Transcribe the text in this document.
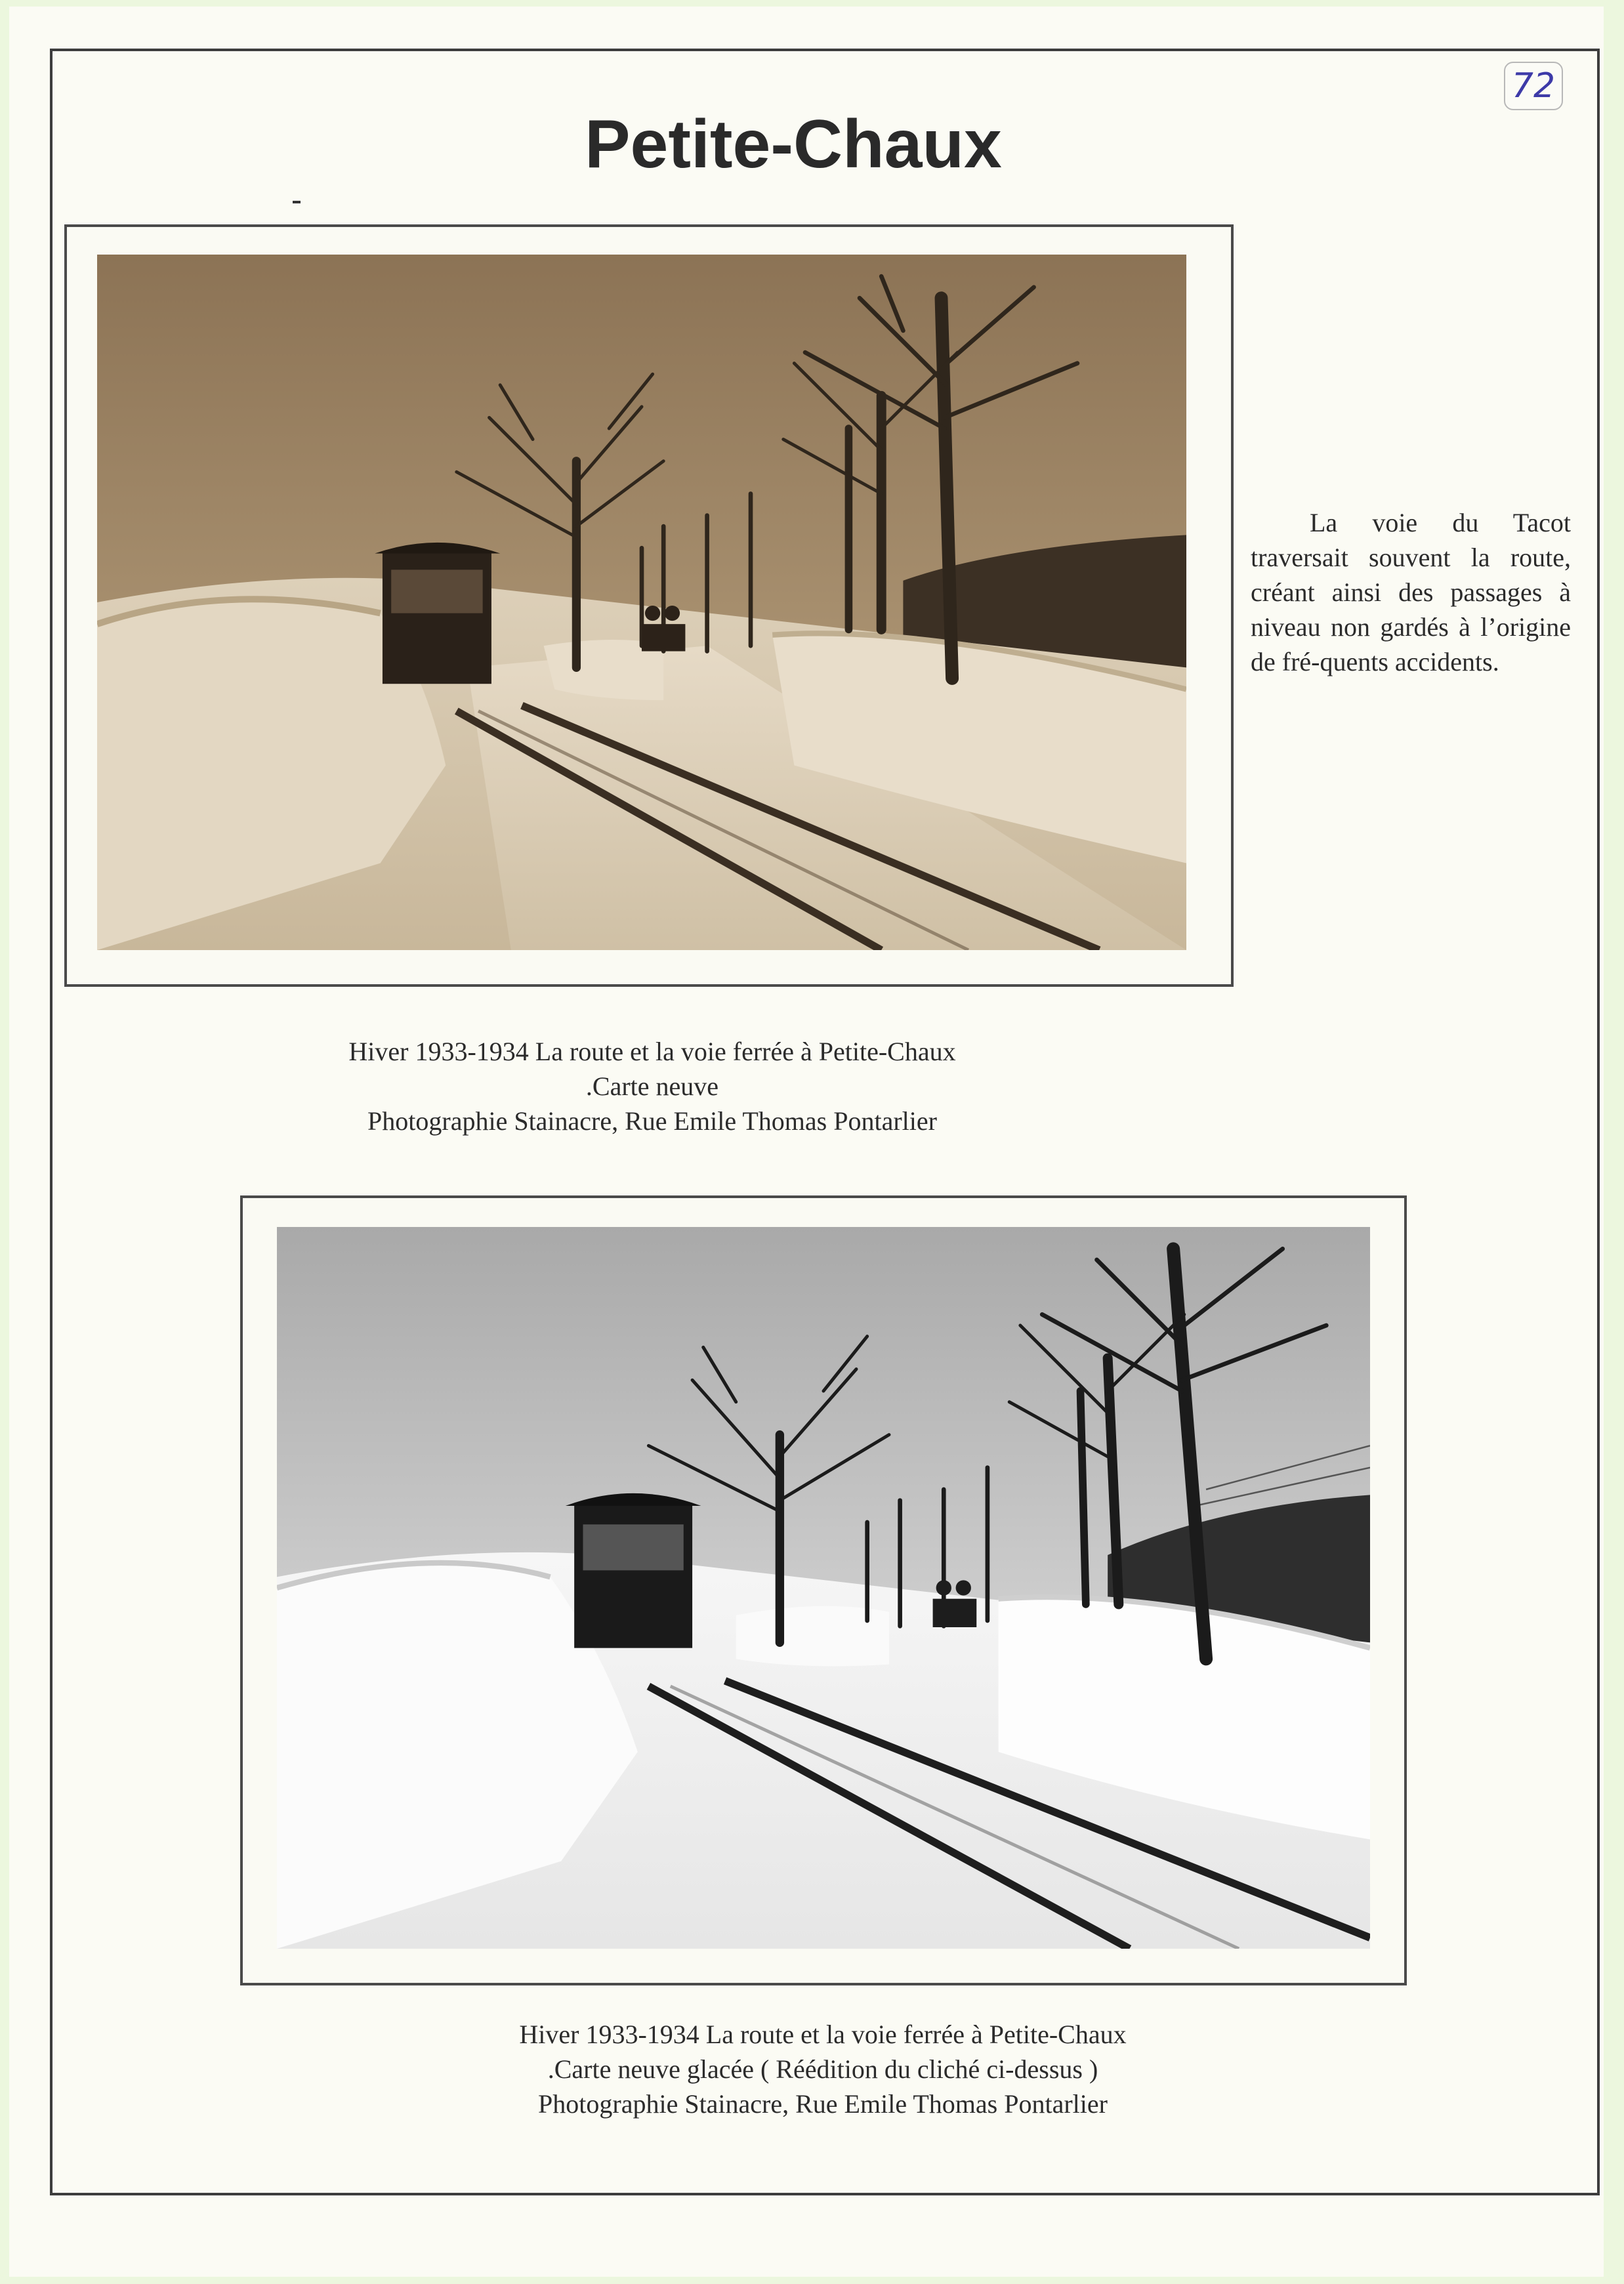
72
Petite-Chaux
La voie du Tacot traversait souvent la route, créant ainsi des passages à niveau non gardés à l’origine de fré-quents accidents.
Hiver 1933-1934 La route et la voie ferrée à Petite-Chaux
.Carte neuve
Photographie Stainacre, Rue Emile Thomas Pontarlier
Hiver 1933-1934 La route et la voie ferrée à Petite-Chaux
.Carte neuve glacée ( Réédition du cliché ci-dessus )
Photographie Stainacre, Rue Emile Thomas Pontarlier
